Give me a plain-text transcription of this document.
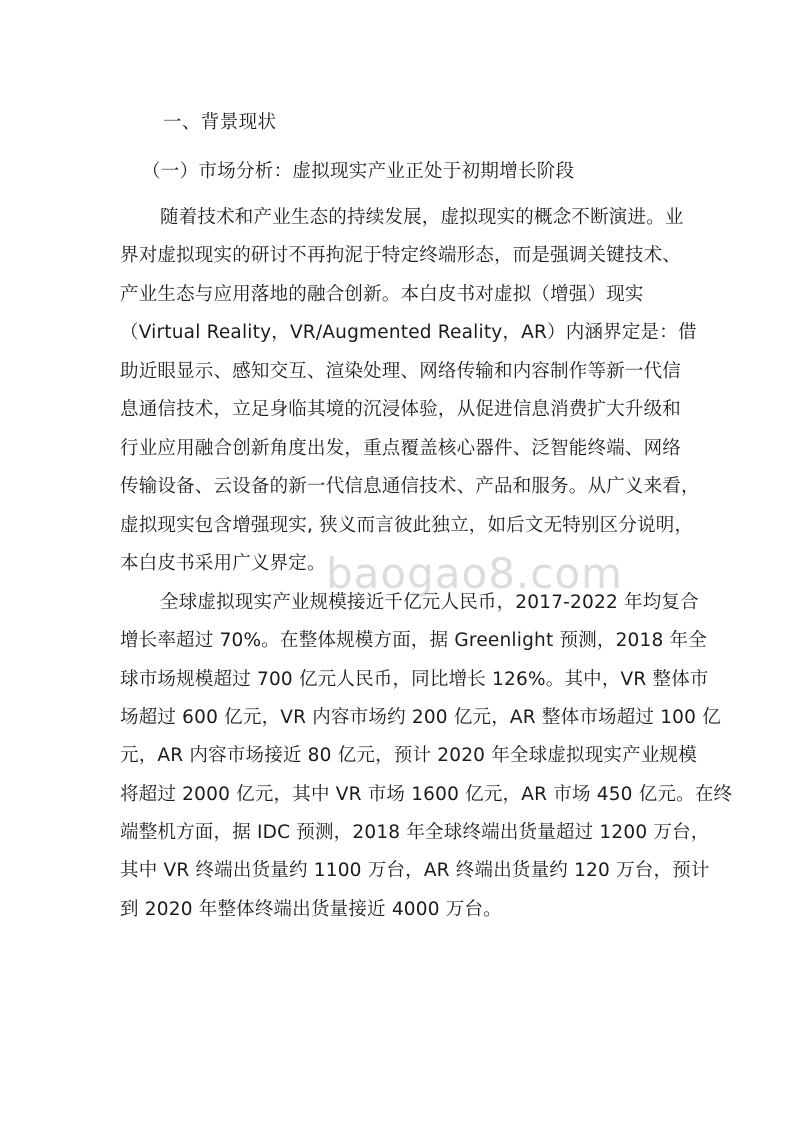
baogao8.com
一、背景现状
（一）市场分析：虚拟现实产业正处于初期增长阶段
随着技术和产业生态的持续发展，虚拟现实的概念不断演进。业
界对虚拟现实的研讨不再拘泥于特定终端形态，而是强调关键技术、
产业生态与应用落地的融合创新。本白皮书对虚拟（增强）现实
（Virtual Reality，VR/Augmented Reality，AR）内涵界定是：借
助近眼显示、感知交互、渲染处理、网络传输和内容制作等新一代信
息通信技术，立足身临其境的沉浸体验，从促进信息消费扩大升级和
行业应用融合创新角度出发，重点覆盖核心器件、泛智能终端、网络
传输设备、云设备的新一代信息通信技术、产品和服务。从广义来看，
虚拟现实包含增强现实, 狭义而言彼此独立，如后文无特别区分说明，
本白皮书采用广义界定。
全球虚拟现实产业规模接近千亿元人民币，2017-2022 年均复合
增长率超过 70%。在整体规模方面，据 Greenlight 预测，2018 年全
球市场规模超过 700 亿元人民币，同比增长 126%。其中，VR 整体市
场超过 600 亿元，VR 内容市场约 200 亿元，AR 整体市场超过 100 亿
元，AR 内容市场接近 80 亿元，预计 2020 年全球虚拟现实产业规模
将超过 2000 亿元，其中 VR 市场 1600 亿元，AR 市场 450 亿元。在终
端整机方面，据 IDC 预测，2018 年全球终端出货量超过 1200 万台，
其中 VR 终端出货量约 1100 万台，AR 终端出货量约 120 万台，预计
到 2020 年整体终端出货量接近 4000 万台。
